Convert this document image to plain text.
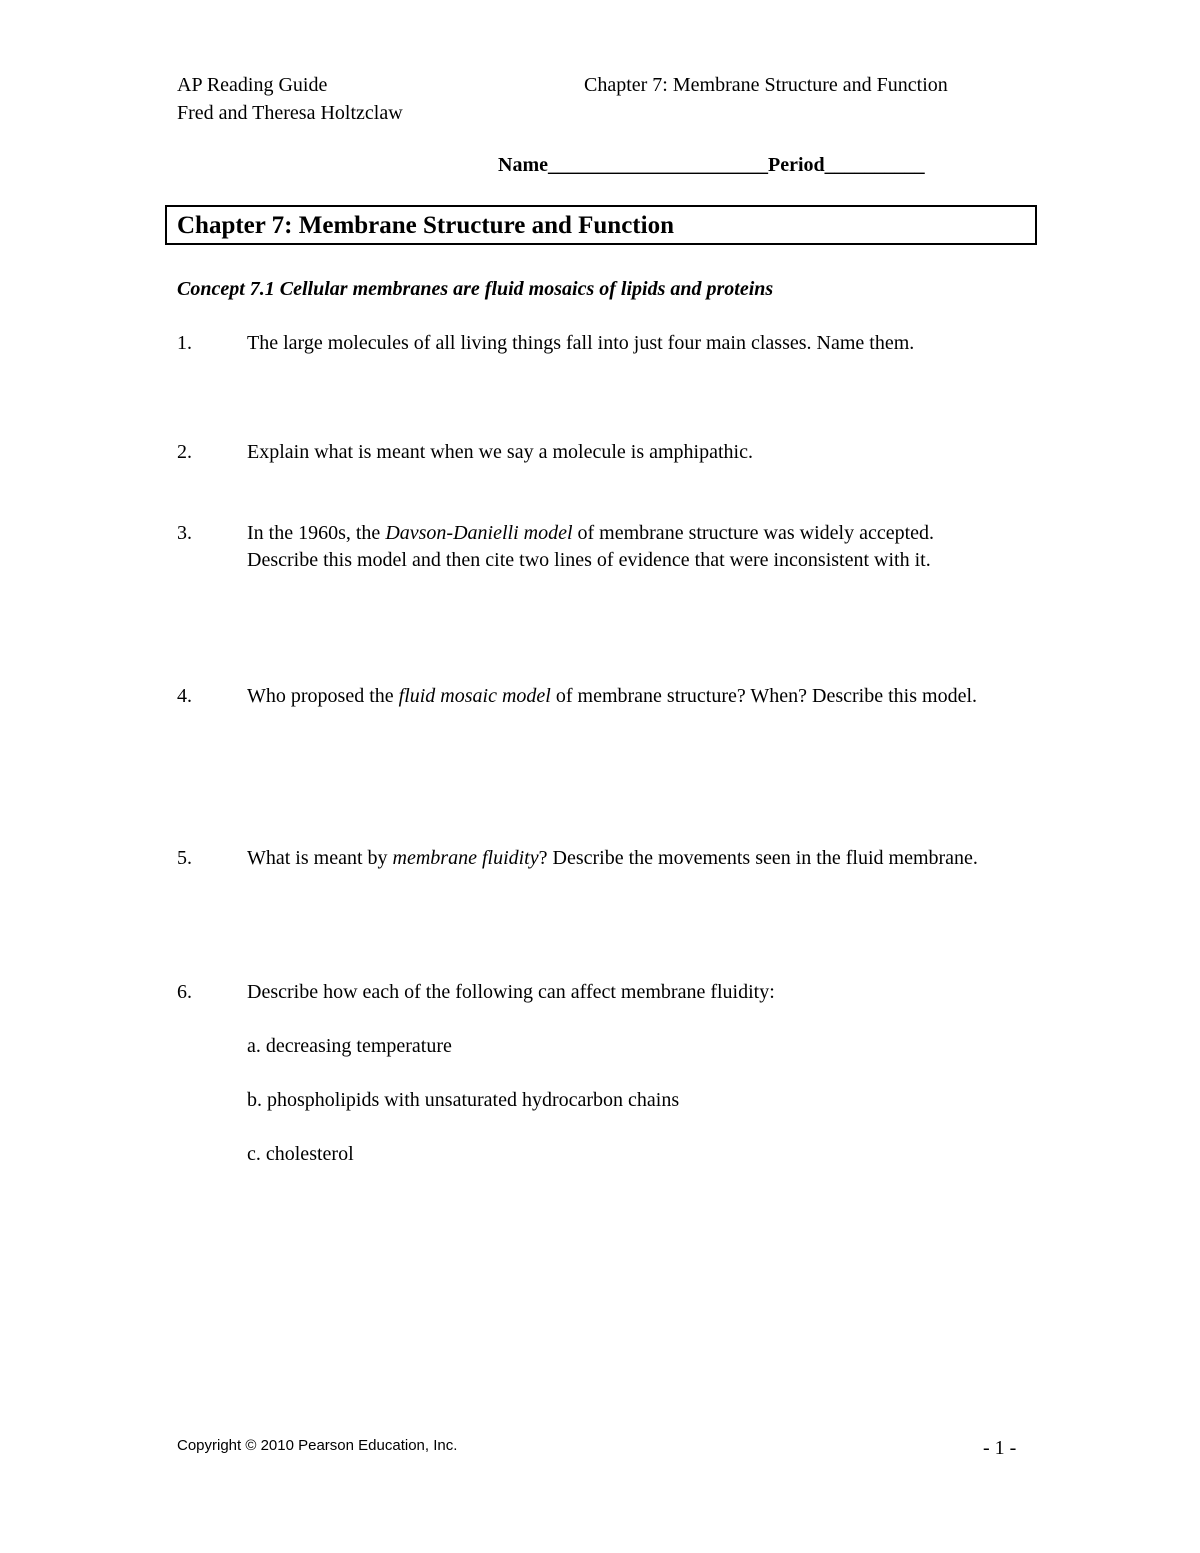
AP Reading Guide
Fred and Theresa Holtzclaw
Chapter 7: Membrane Structure and Function
Name______________________Period__________
Chapter 7: Membrane Structure and Function
Concept 7.1 Cellular membranes are fluid mosaics of lipids and proteins
1.	The large molecules of all living things fall into just four main classes. Name them.
2.	Explain what is meant when we say a molecule is amphipathic.
3.	In the 1960s, the Davson-Danielli model of membrane structure was widely accepted. Describe this model and then cite two lines of evidence that were inconsistent with it.
4.	Who proposed the fluid mosaic model of membrane structure? When? Describe this model.
5.	What is meant by membrane fluidity? Describe the movements seen in the fluid membrane.
6.	Describe how each of the following can affect membrane fluidity:
a. decreasing temperature
b. phospholipids with unsaturated hydrocarbon chains
c. cholesterol
Copyright © 2010 Pearson Education, Inc.	- 1 -
